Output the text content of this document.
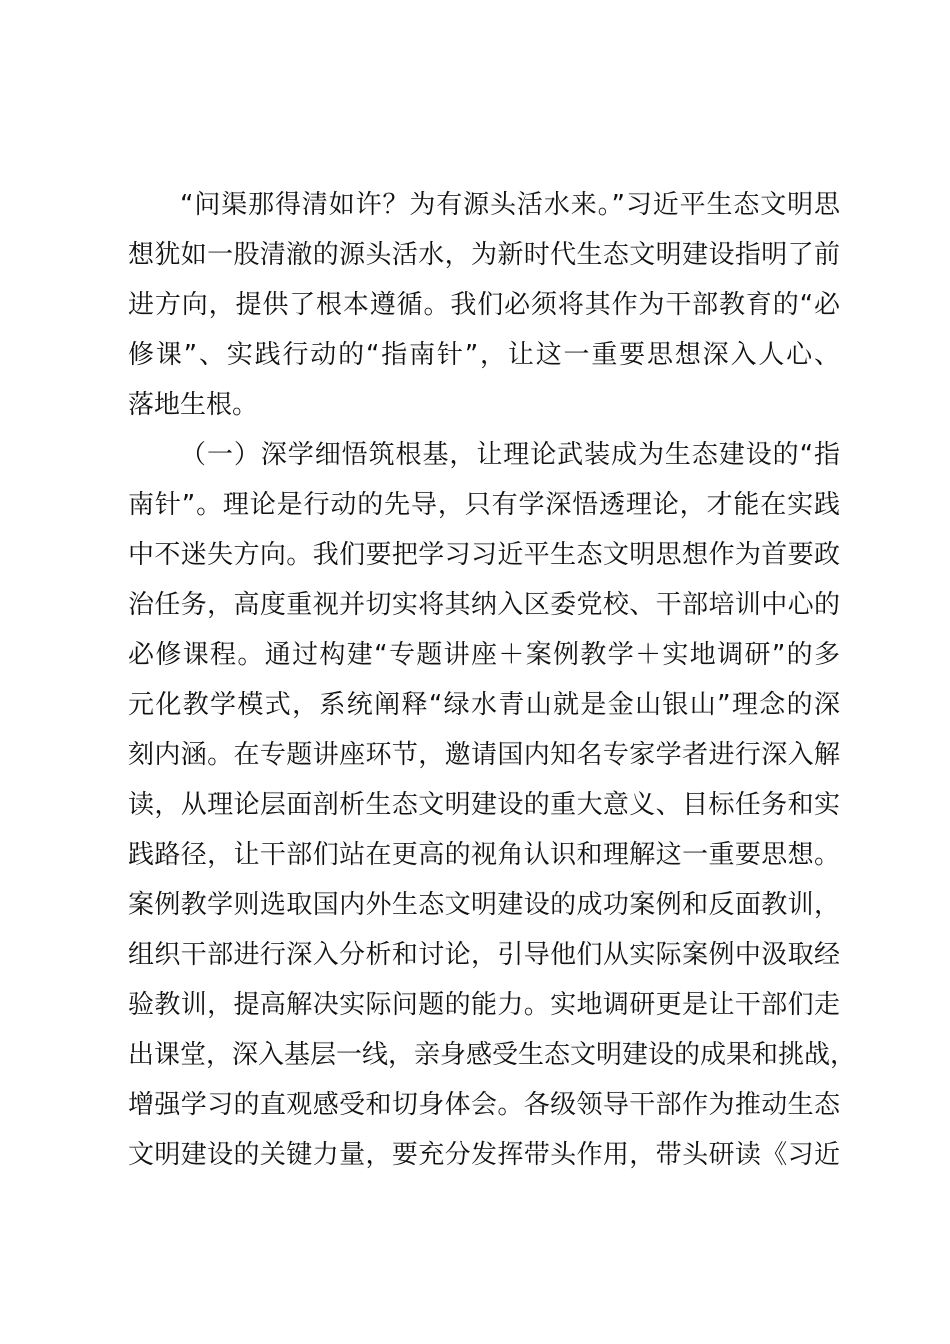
“问渠那得清如许？为有源头活水来。”习近平生态文明思
想犹如一股清澈的源头活水，为新时代生态文明建设指明了前
进方向，提供了根本遵循。我们必须将其作为干部教育的“必
修课”、实践行动的“指南针”，让这一重要思想深入人心、
落地生根。
（一）深学细悟筑根基，让理论武装成为生态建设的“指
南针”。理论是行动的先导，只有学深悟透理论，才能在实践
中不迷失方向。我们要把学习习近平生态文明思想作为首要政
治任务，高度重视并切实将其纳入区委党校、干部培训中心的
必修课程。通过构建“专题讲座＋案例教学＋实地调研”的多
元化教学模式，系统阐释“绿水青山就是金山银山”理念的深
刻内涵。在专题讲座环节，邀请国内知名专家学者进行深入解
读，从理论层面剖析生态文明建设的重大意义、目标任务和实
践路径，让干部们站在更高的视角认识和理解这一重要思想。
案例教学则选取国内外生态文明建设的成功案例和反面教训，
组织干部进行深入分析和讨论，引导他们从实际案例中汲取经
验教训，提高解决实际问题的能力。实地调研更是让干部们走
出课堂，深入基层一线，亲身感受生态文明建设的成果和挑战，
增强学习的直观感受和切身体会。各级领导干部作为推动生态
文明建设的关键力量，要充分发挥带头作用，带头研读《习近
